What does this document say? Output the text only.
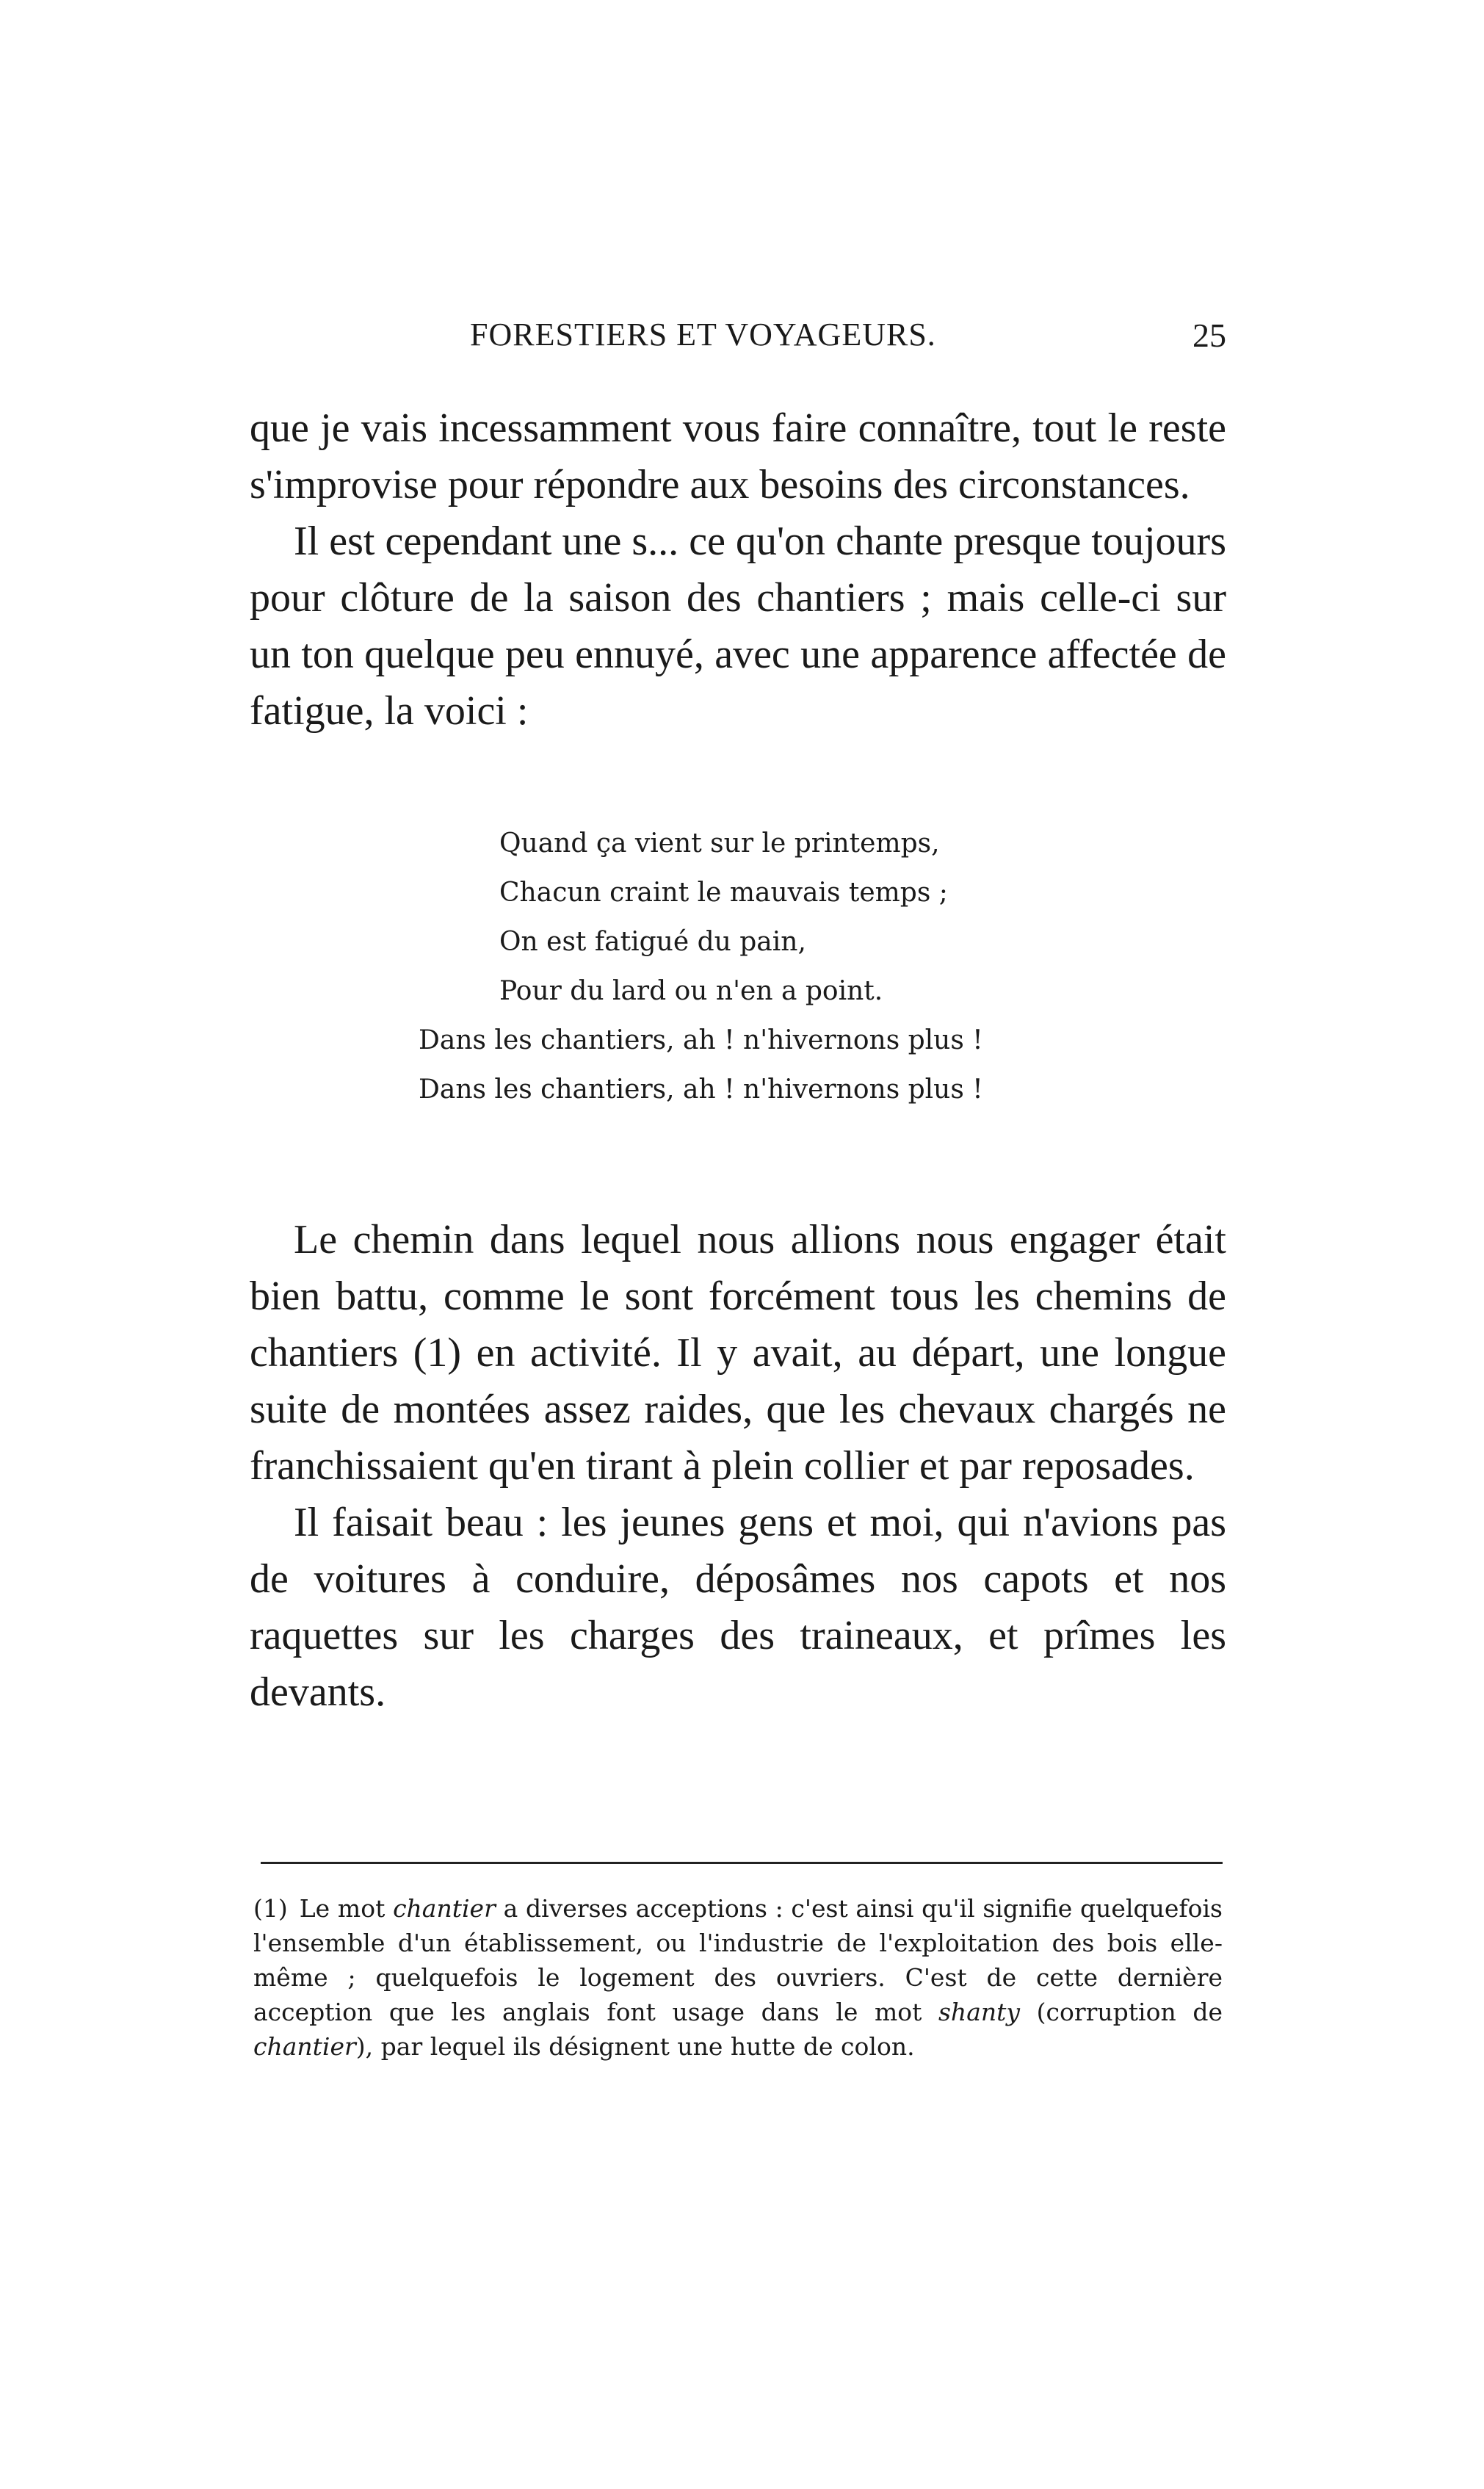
FORESTIERS ET VOYAGEURS.	25

que je vais incessamment vous faire connaître, tout le reste s'improvise pour répondre aux besoins des circonstances.

Il est cependant une s... ce qu'on chante presque toujours pour clôture de la saison des chantiers ; mais celle-ci sur un ton quelque peu ennuyé, avec une apparence affectée de fatigue, la voici :

Quand ça vient sur le printemps,
Chacun craint le mauvais temps ;
On est fatigué du pain,
Pour du lard ou n'en a point.
Dans les chantiers, ah ! n'hivernons plus !
Dans les chantiers, ah ! n'hivernons plus !

Le chemin dans lequel nous allions nous engager était bien battu, comme le sont forcément tous les chemins de chantiers (1) en activité. Il y avait, au départ, une longue suite de montées assez raides, que les chevaux chargés ne franchissaient qu'en tirant à plein collier et par reposades.

Il faisait beau : les jeunes gens et moi, qui n'avions pas de voitures à conduire, déposâmes nos capots et nos raquettes sur les charges des traineaux, et prîmes les devants.

(1) Le mot chantier a diverses acceptions : c'est ainsi qu'il signifie quelquefois l'ensemble d'un établissement, ou l'industrie de l'exploitation des bois elle-même ; quelquefois le logement des ouvriers. C'est de cette dernière acception que les anglais font usage dans le mot shanty (corruption de chantier), par lequel ils désignent une hutte de colon.
